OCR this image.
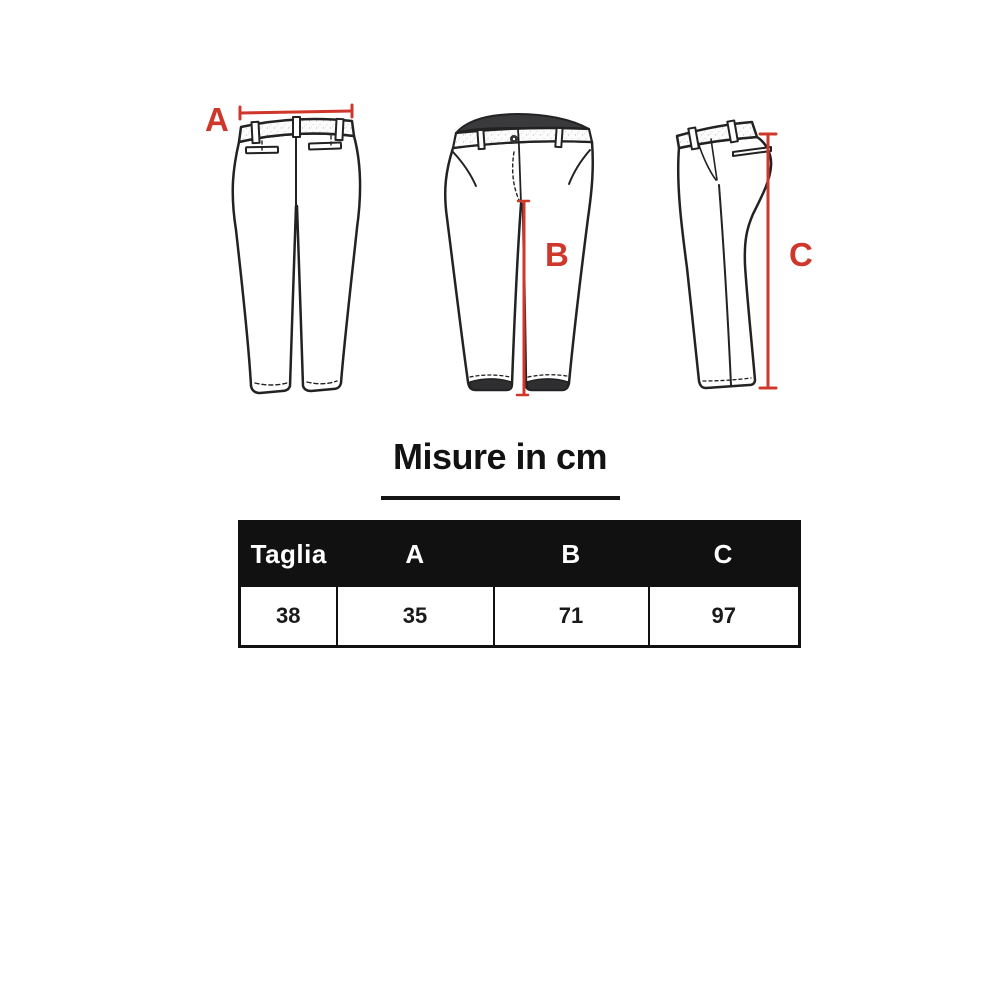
A
B	C
Misure in cm
Taglia	A	B	C
38	35	71	97
